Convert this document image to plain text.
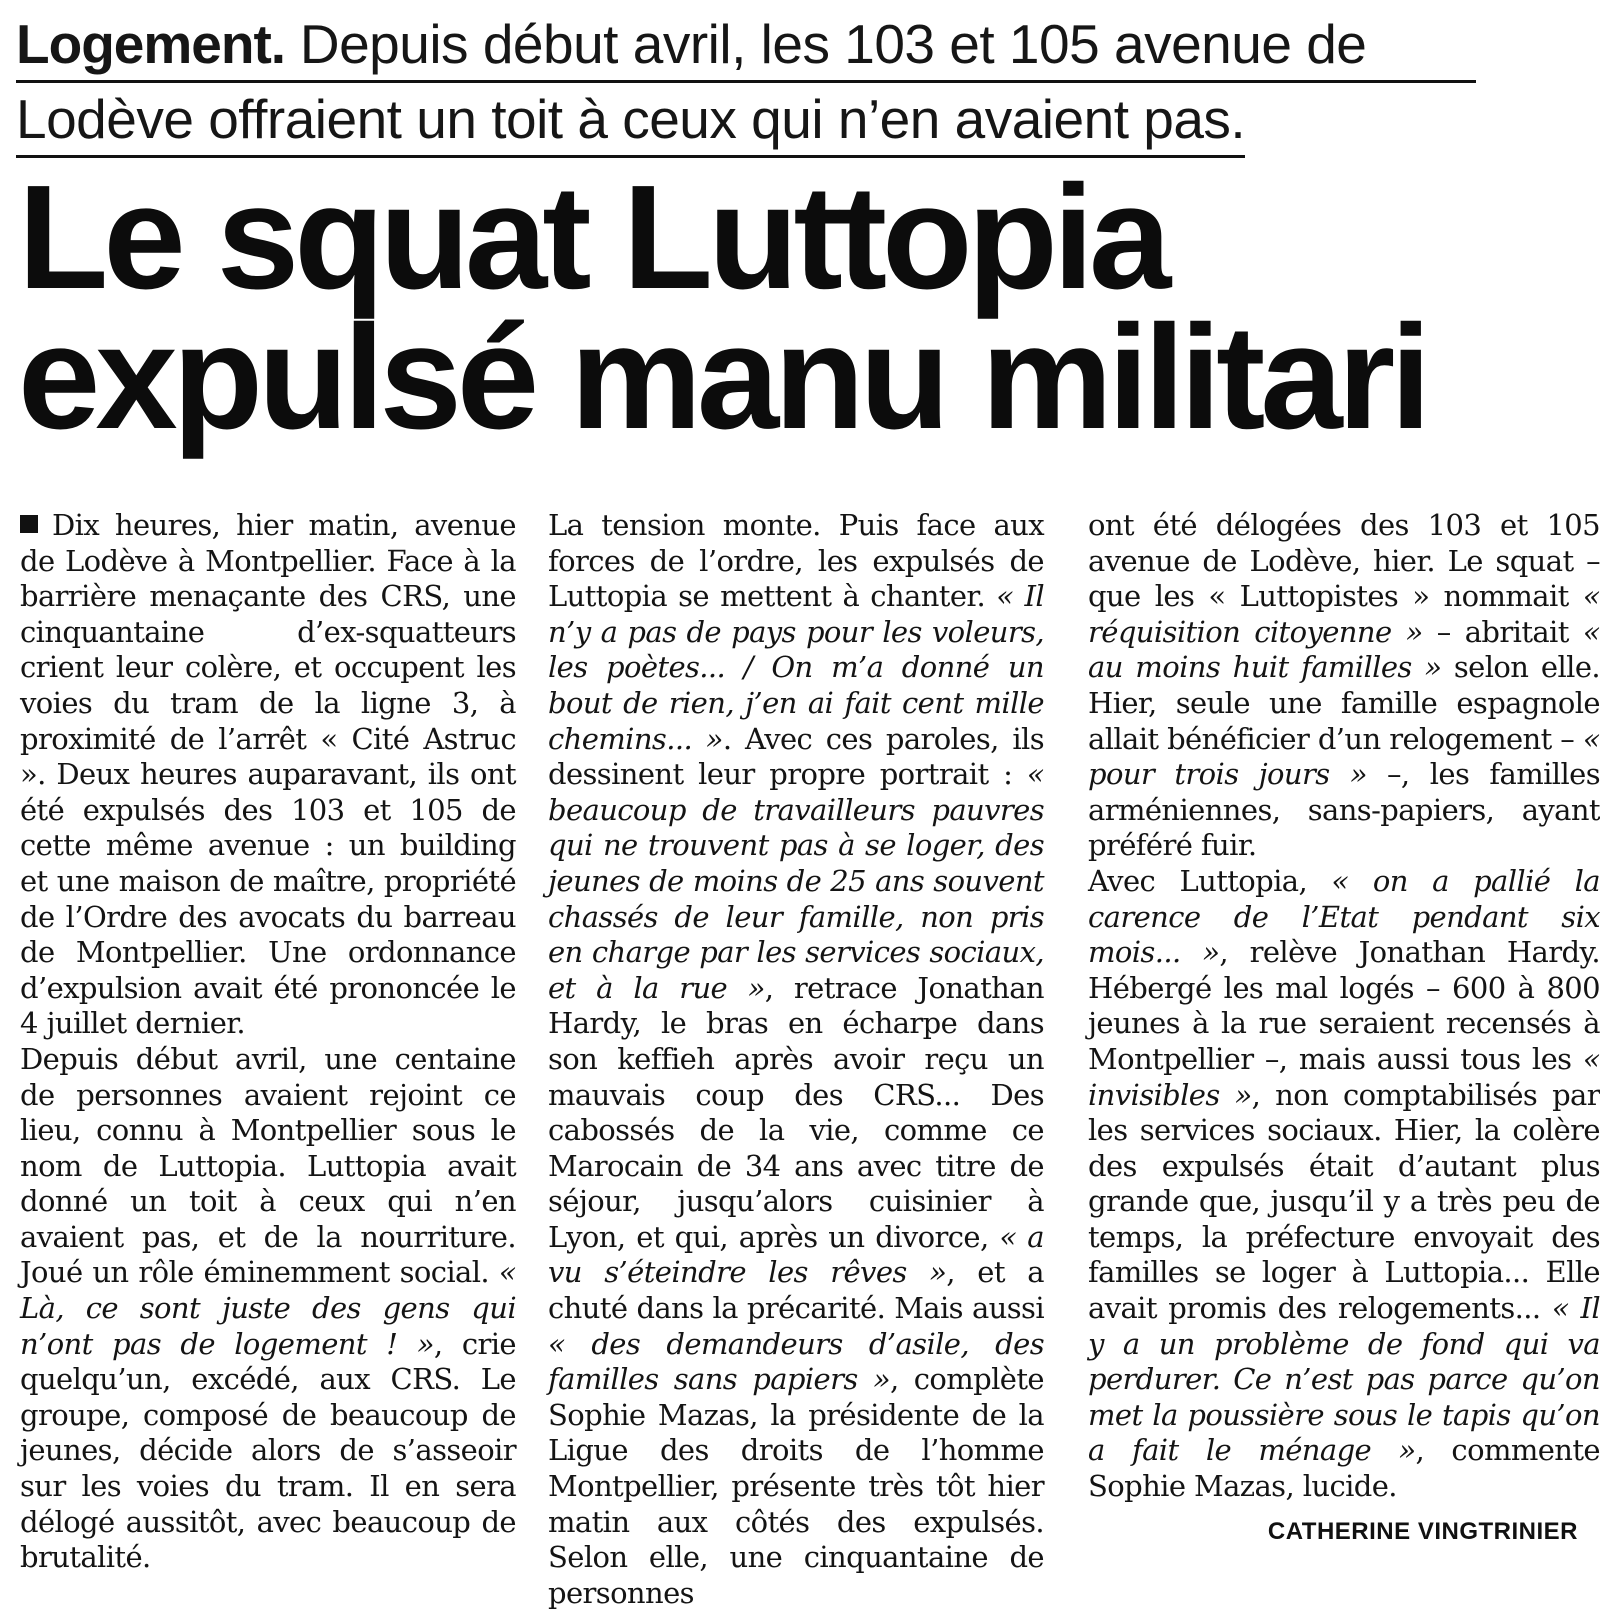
Logement. Depuis début avril, les 103 et 105 avenue de
Lodève offraient un toit à ceux qui n’en avaient pas.
Le squat Luttopia
expulsé manu militari

Dix heures, hier matin, avenue de Lodève à Montpellier. Face à la barrière menaçante des CRS, une cinquantaine d’ex-squatteurs crient leur colère, et occupent les voies du tram de la ligne 3, à proximité de l’arrêt « Cité Astruc ». Deux heures auparavant, ils ont été expulsés des 103 et 105 de cette même avenue : un building et une maison de maître, propriété de l’Ordre des avocats du barreau de Montpellier. Une ordonnance d’expulsion avait été prononcée le 4 juillet dernier.

Depuis début avril, une centaine de personnes avaient rejoint ce lieu, connu à Montpellier sous le nom de Luttopia. Luttopia avait donné un toit à ceux qui n’en avaient pas, et de la nourriture. Joué un rôle éminemment social. « Là, ce sont juste des gens qui n’ont pas de logement ! », crie quelqu’un, excédé, aux CRS. Le groupe, composé de beaucoup de jeunes, décide alors de s’asseoir sur les voies du tram. Il en sera délogé aussitôt, avec beaucoup de brutalité.

La tension monte. Puis face aux forces de l’ordre, les expulsés de Luttopia se mettent à chanter. « Il n’y a pas de pays pour les voleurs, les poètes... / On m’a donné un bout de rien, j’en ai fait cent mille chemins... ». Avec ces paroles, ils dessinent leur propre portrait : « beaucoup de travailleurs pauvres qui ne trouvent pas à se loger, des jeunes de moins de 25 ans souvent chassés de leur famille, non pris en charge par les services sociaux, et à la rue », retrace Jonathan Hardy, le bras en écharpe dans son keffieh après avoir reçu un mauvais coup des CRS... Des cabossés de la vie, comme ce Marocain de 34 ans avec titre de séjour, jusqu’alors cuisinier à Lyon, et qui, après un divorce, « a vu s’éteindre les rêves », et a chuté dans la précarité. Mais aussi « des demandeurs d’asile, des familles sans papiers », complète Sophie Mazas, la présidente de la Ligue des droits de l’homme Montpellier, présente très tôt hier matin aux côtés des expulsés. Selon elle, une cinquantaine de personnes

ont été délogées des 103 et 105 avenue de Lodève, hier. Le squat – que les « Luttopistes » nommait « réquisition citoyenne » – abritait « au moins huit familles » selon elle. Hier, seule une famille espagnole allait bénéficier d’un relogement – « pour trois jours » –, les familles arméniennes, sans-papiers, ayant préféré fuir.

Avec Luttopia, « on a pallié la carence de l’Etat pendant six mois... », relève Jonathan Hardy. Hébergé les mal logés – 600 à 800 jeunes à la rue seraient recensés à Montpellier –, mais aussi tous les « invisibles », non comptabilisés par les services sociaux. Hier, la colère des expulsés était d’autant plus grande que, jusqu’il y a très peu de temps, la préfecture envoyait des familles se loger à Luttopia... Elle avait promis des relogements... « Il y a un problème de fond qui va perdurer. Ce n’est pas parce qu’on met la poussière sous le tapis qu’on a fait le ménage », commente Sophie Mazas, lucide.

CATHERINE VINGTRINIER
